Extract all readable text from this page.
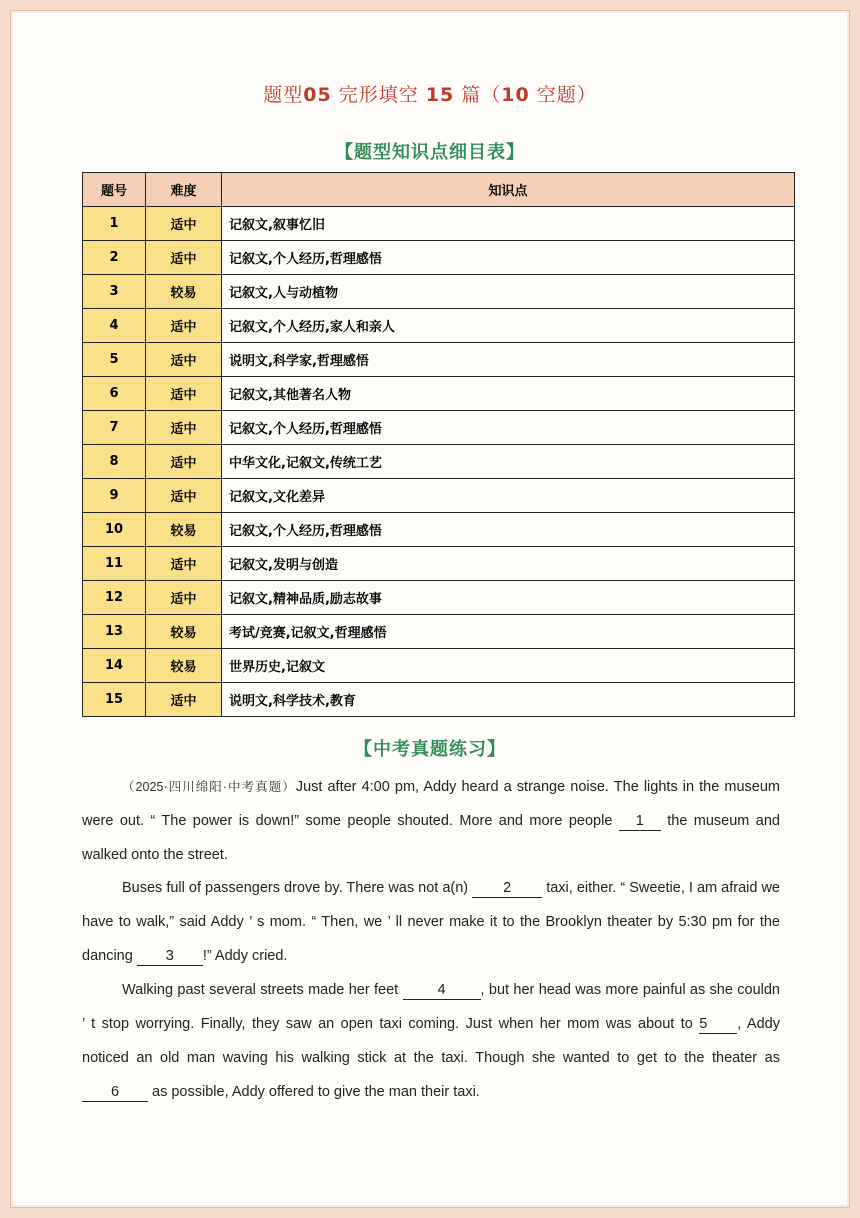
题型05 完形填空 15 篇（10 空题）
【题型知识点细目表】
题号	难度	知识点
1	适中	记叙文,叙事忆旧
2	适中	记叙文,个人经历,哲理感悟
3	较易	记叙文,人与动植物
4	适中	记叙文,个人经历,家人和亲人
5	适中	说明文,科学家,哲理感悟
6	适中	记叙文,其他著名人物
7	适中	记叙文,个人经历,哲理感悟
8	适中	中华文化,记叙文,传统工艺
9	适中	记叙文,文化差异
10	较易	记叙文,个人经历,哲理感悟
11	适中	记叙文,发明与创造
12	适中	记叙文,精神品质,励志故事
13	较易	考试/竞赛,记叙文,哲理感悟
14	较易	世界历史,记叙文
15	适中	说明文,科学技术,教育
【中考真题练习】
（2025·四川绵阳·中考真题）Just after 4:00 pm, Addy heard a strange noise. The lights in the museum were out. “ The power is down!” some people shouted. More and more people 1 the museum and walked onto the street.
Buses full of passengers drove by. There was not a(n) 2 taxi, either. “ Sweetie, I am afraid we have to walk,” said Addy ’ s mom. “ Then, we ’ ll never make it to the Brooklyn theater by 5:30 pm for the dancing 3 !” Addy cried.
Walking past several streets made her feet 4 , but her head was more painful as she couldn ’ t stop worrying. Finally, they saw an open taxi coming. Just when her mom was about to 5 , Addy noticed an old man waving his walking stick at the taxi. Though she wanted to get to the theater as 6 as possible, Addy offered to give the man their taxi.
